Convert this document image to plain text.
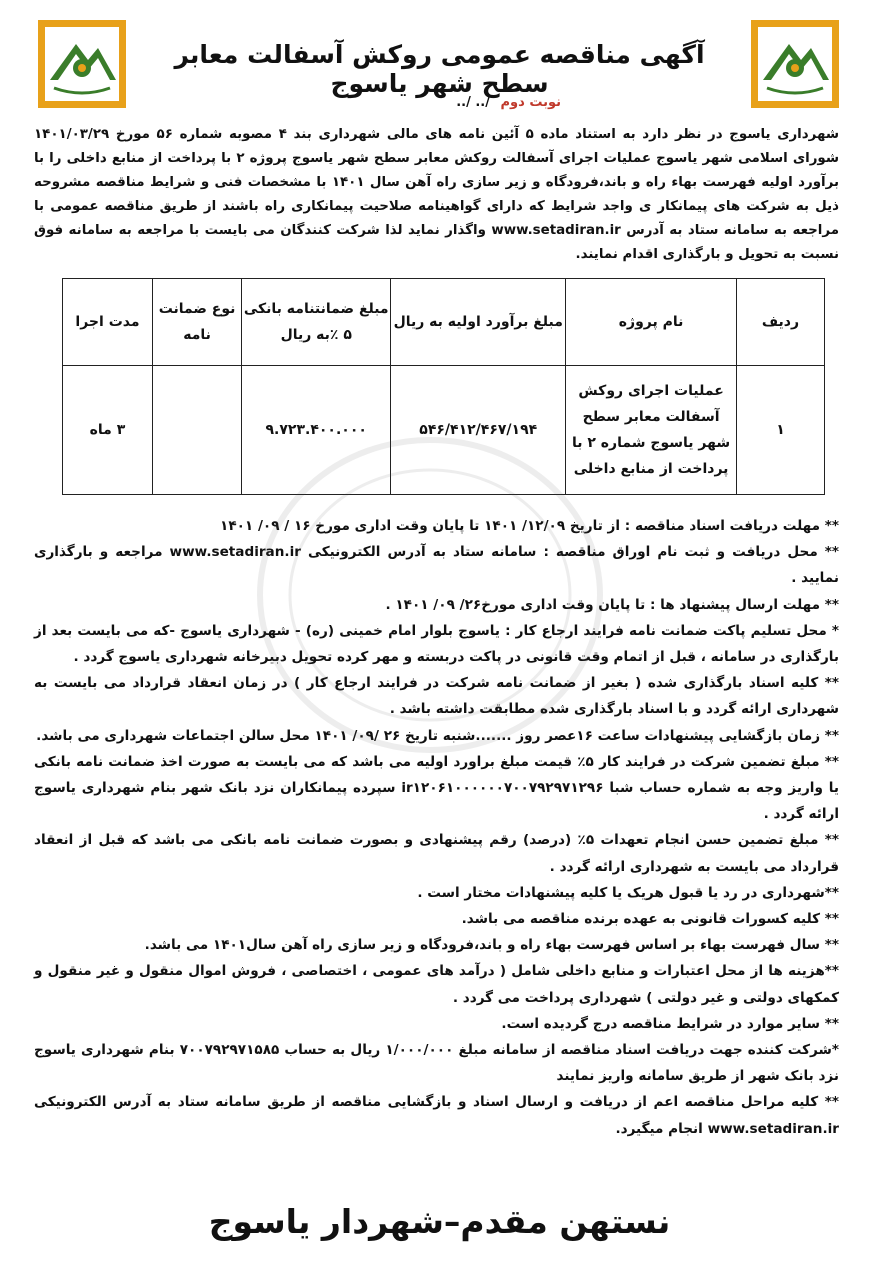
آگهی مناقصه عمومی روکش آسفالت معابر سطح شهر یاسوج
نوبت دوم /.. /..

شهرداری یاسوج در نظر دارد به استناد ماده ۵ آئین نامه های مالی شهرداری بند ۴ مصوبه شماره ۵۶ مورخ ۱۴۰۱/۰۳/۲۹ شورای اسلامی شهر یاسوج عملیات اجرای آسفالت روکش معابر سطح شهر یاسوج پروژه ۲ با پرداخت از منابع داخلی را با برآورد اولیه فهرست بهاء راه و باند،فرودگاه و زیر سازی راه آهن سال ۱۴۰۱ با مشخصات فنی و شرایط مناقصه مشروحه ذیل به شرکت های پیمانکار ی واجد شرایط که دارای گواهینامه صلاحیت پیمانکاری راه باشند از طریق مناقصه عمومی با مراجعه به سامانه ستاد به آدرس www.setadiran.ir واگذار نماید لذا شرکت کنندگان می بایست با مراجعه به سامانه فوق نسبت به تحویل و بارگذاری اقدام نمایند.

ردیف	نام پروژه	مبلغ برآورد اولیه به ریال	مبلغ ضمانتنامه بانکی ۵ ٪به ریال	نوع ضمانت نامه	مدت اجرا
۱	عملیات اجرای روکش آسفالت معابر سطح شهر یاسوج شماره ۲ با پرداخت از منابع داخلی	۵۴۶/۴۱۲/۴۶۷/۱۹۴	۹.۷۲۳.۴۰۰.۰۰۰		۳ ماه
** مهلت دریافت اسناد مناقصه : از تاریخ ۱۲/۰۹/ ۱۴۰۱ تا پایان وقت اداری مورخ ۱۶ / ۰۹/ ۱۴۰۱
** محل دریافت و ثبت نام اوراق مناقصه : سامانه ستاد به آدرس الکترونیکی www.setadiran.ir مراجعه و بارگذاری نمایید .
** مهلت ارسال پیشنهاد ها : تا پایان وقت اداری مورخ۲۶/ ۰۹/ ۱۴۰۱ .
* محل تسلیم پاکت ضمانت نامه فرایند ارجاع کار : یاسوج بلوار امام خمینی (ره) - شهرداری یاسوج -که می بایست بعد از بارگذاری در سامانه ، قبل از اتمام وقت قانونی در پاکت دربسته و مهر کرده تحویل دبیرخانه شهرداری یاسوج گردد .
** کلیه اسناد بارگذاری شده ( بغیر از ضمانت نامه شرکت در فرایند ارجاع کار ) در زمان انعقاد قرارداد می بایست به شهرداری ارائه گردد و با اسناد بارگذاری شده مطابقت داشته باشد .
** زمان بازگشایی پیشنهادات ساعت ۱۶عصر روز .......شنبه تاریخ ۲۶ /۰۹/ ۱۴۰۱ محل سالن اجتماعات شهرداری می باشد.
** مبلغ تضمین شرکت در فرایند کار ۵٪ قیمت مبلغ براورد اولیه می باشد که می بایست به صورت اخذ ضمانت نامه بانکی یا واریز وجه به شماره حساب شبا ir۱۲۰۶۱۰۰۰۰۰۰۷۰۰۷۹۲۹۷۱۲۹۶ سپرده پیمانکاران نزد بانک شهر بنام شهرداری یاسوج ارائه گردد .
** مبلغ تضمین حسن انجام تعهدات ۵٪ (درصد) رقم پیشنهادی و بصورت ضمانت نامه بانکی می باشد که قبل از انعقاد قرارداد می بایست به شهرداری ارائه گردد .
**شهرداری در رد یا قبول هریک یا کلیه پیشنهادات مختار است .
** کلیه کسورات قانونی به عهده برنده مناقصه می باشد.
** سال فهرست بهاء بر اساس فهرست بهاء راه و باند،فرودگاه و زیر سازی راه آهن سال۱۴۰۱ می باشد.
**هزینه ها از محل اعتبارات و منابع داخلی شامل ( درآمد های عمومی ، اختصاصی ، فروش اموال منقول و غیر منقول و کمکهای دولتی و غیر دولتی ) شهرداری پرداخت می گردد .
** سایر موارد در شرایط مناقصه درج گردیده است.
*شرکت کننده جهت دریافت اسناد مناقصه از سامانه مبلغ ۱/۰۰۰/۰۰۰ ریال به حساب ۷۰۰۷۹۲۹۷۱۵۸۵ بنام شهرداری یاسوج نزد بانک شهر از طریق سامانه واریز نمایند
** کلیه مراحل مناقصه اعم از دریافت و ارسال اسناد و بازگشایی مناقصه از طریق سامانه ستاد به آدرس الکترونیکی www.setadiran.ir انجام میگیرد.
نستهن مقدم–شهردار یاسوج
